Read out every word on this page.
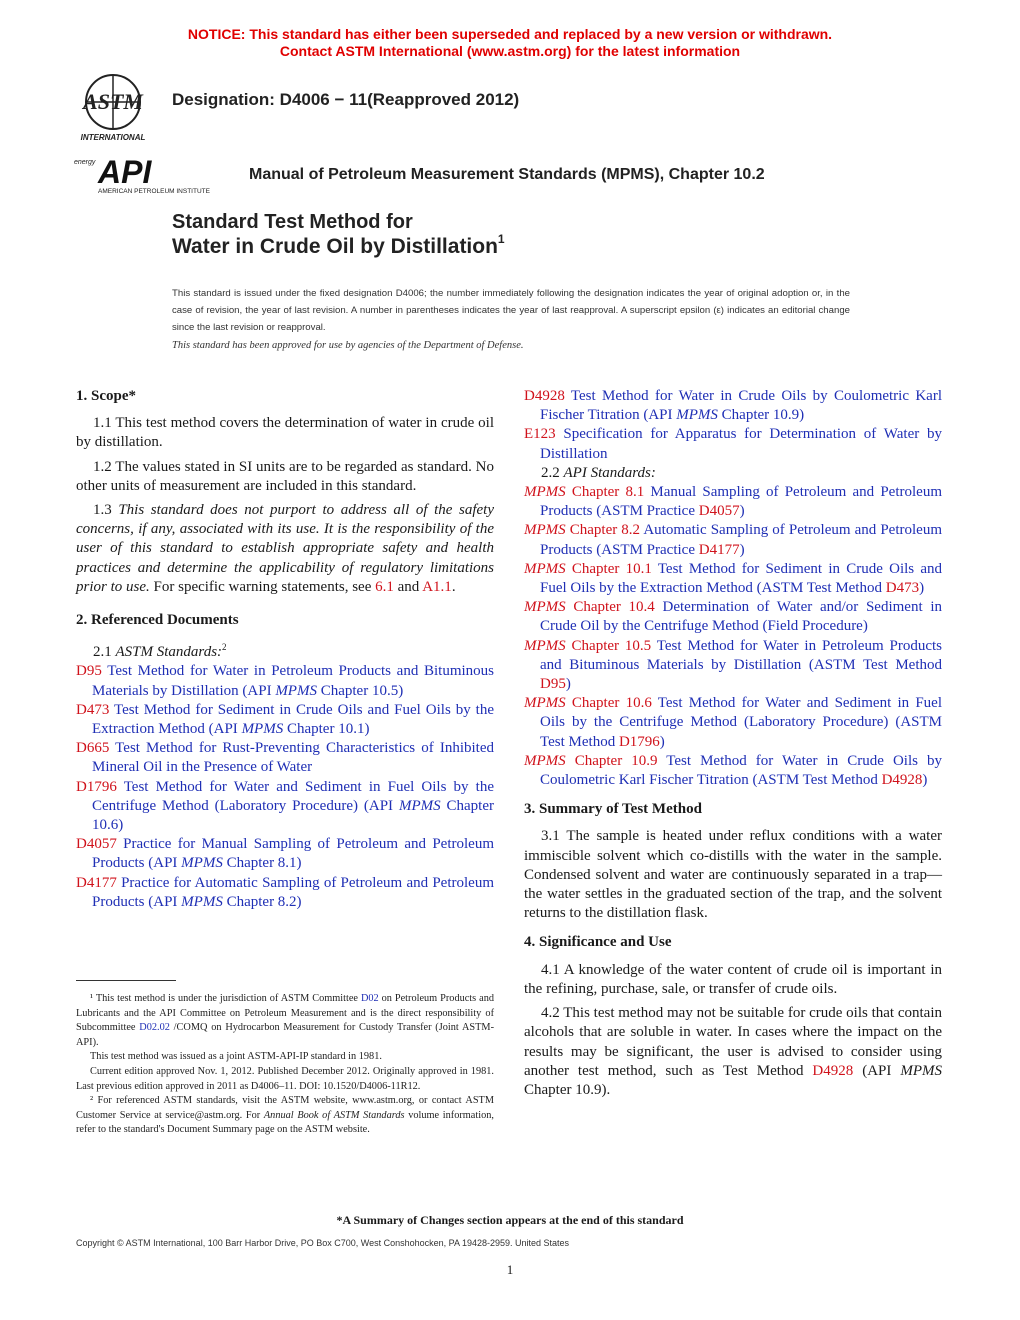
NOTICE: This standard has either been superseded and replaced by a new version or withdrawn.
Contact ASTM International (www.astm.org) for the latest information
ASTM
INTERNATIONAL
energy API
AMERICAN PETROLEUM INSTITUTE
Designation: D4006 − 11(Reapproved 2012)
Manual of Petroleum Measurement Standards (MPMS), Chapter 10.2
Standard Test Method for
Water in Crude Oil by Distillation$^1$
This standard is issued under the fixed designation D4006; the number immediately following the designation indicates the year of original adoption or, in the case of revision, the year of last revision. A number in parentheses indicates the year of last reapproval. A superscript epsilon (ε) indicates an editorial change since the last revision or reapproval.
This standard has been approved for use by agencies of the Department of Defense.
1. Scope*

1.1 This test method covers the determination of water in crude oil by distillation.

1.2 The values stated in SI units are to be regarded as standard. No other units of measurement are included in this standard.

1.3 This standard does not purport to address all of the safety concerns, if any, associated with its use. It is the responsibility of the user of this standard to establish appropriate safety and health practices and determine the applicability of regulatory limitations prior to use. For specific warning statements, see 6.1 and A1.1.

2. Referenced Documents

2.1 ASTM Standards:$^2$

D95 Test Method for Water in Petroleum Products and Bituminous Materials by Distillation (API MPMS Chapter 10.5)
D473 Test Method for Sediment in Crude Oils and Fuel Oils by the Extraction Method (API MPMS Chapter 10.1)
D665 Test Method for Rust-Preventing Characteristics of Inhibited Mineral Oil in the Presence of Water
D1796 Test Method for Water and Sediment in Fuel Oils by the Centrifuge Method (Laboratory Procedure) (API MPMS Chapter 10.6)
D4057 Practice for Manual Sampling of Petroleum and Petroleum Products (API MPMS Chapter 8.1)
D4177 Practice for Automatic Sampling of Petroleum and Petroleum Products (API MPMS Chapter 8.2)

¹ This test method is under the jurisdiction of ASTM Committee D02 on Petroleum Products and Lubricants and the API Committee on Petroleum Measurement and is the direct responsibility of Subcommittee D02.02 /COMQ on Hydrocarbon Measurement for Custody Transfer (Joint ASTM-API).

This test method was issued as a joint ASTM-API-IP standard in 1981.

Current edition approved Nov. 1, 2012. Published December 2012. Originally approved in 1981. Last previous edition approved in 2011 as D4006–11. DOI: 10.1520/D4006-11R12.

² For referenced ASTM standards, visit the ASTM website, www.astm.org, or contact ASTM Customer Service at service@astm.org. For Annual Book of ASTM Standards volume information, refer to the standard's Document Summary page on the ASTM website.

D4928 Test Method for Water in Crude Oils by Coulometric Karl Fischer Titration (API MPMS Chapter 10.9)
E123 Specification for Apparatus for Determination of Water by Distillation

2.2 API Standards:

MPMS Chapter 8.1 Manual Sampling of Petroleum and Petroleum Products (ASTM Practice D4057)
MPMS Chapter 8.2 Automatic Sampling of Petroleum and Petroleum Products (ASTM Practice D4177)
MPMS Chapter 10.1 Test Method for Sediment in Crude Oils and Fuel Oils by the Extraction Method (ASTM Test Method D473)
MPMS Chapter 10.4 Determination of Water and/or Sediment in Crude Oil by the Centrifuge Method (Field Procedure)
MPMS Chapter 10.5 Test Method for Water in Petroleum Products and Bituminous Materials by Distillation (ASTM Test Method D95)
MPMS Chapter 10.6 Test Method for Water and Sediment in Fuel Oils by the Centrifuge Method (Laboratory Procedure) (ASTM Test Method D1796)
MPMS Chapter 10.9 Test Method for Water in Crude Oils by Coulometric Karl Fischer Titration (ASTM Test Method D4928)
3. Summary of Test Method

3.1 The sample is heated under reflux conditions with a water immiscible solvent which co-distills with the water in the sample. Condensed solvent and water are continuously separated in a trap—the water settles in the graduated section of the trap, and the solvent returns to the distillation flask.

4. Significance and Use

4.1 A knowledge of the water content of crude oil is important in the refining, purchase, sale, or transfer of crude oils.

4.2 This test method may not be suitable for crude oils that contain alcohols that are soluble in water. In cases where the impact on the results may be significant, the user is advised to consider using another test method, such as Test Method D4928 (API MPMS Chapter 10.9).

*A Summary of Changes section appears at the end of this standard
Copyright © ASTM International, 100 Barr Harbor Drive, PO Box C700, West Conshohocken, PA 19428-2959. United States
1
